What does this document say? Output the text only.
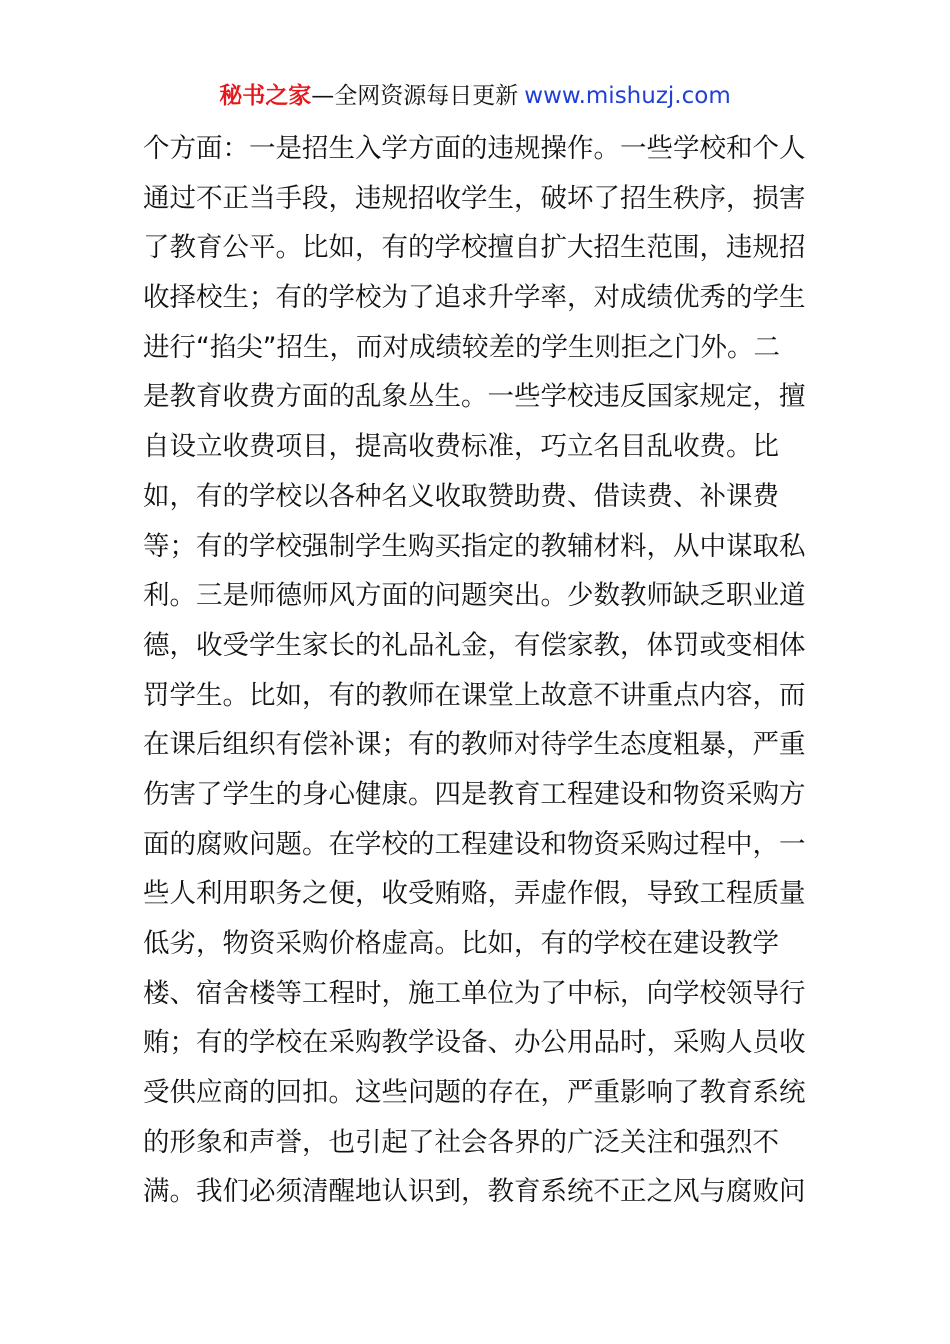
秘书之家—全网资源每日更新 www.mishuzj.com
个方面：一是招生入学方面的违规操作。一些学校和个人
通过不正当手段，违规招收学生，破坏了招生秩序，损害
了教育公平。比如，有的学校擅自扩大招生范围，违规招
收择校生；有的学校为了追求升学率，对成绩优秀的学生
进行“掐尖”招生，而对成绩较差的学生则拒之门外。二
是教育收费方面的乱象丛生。一些学校违反国家规定，擅
自设立收费项目，提高收费标准，巧立名目乱收费。比
如，有的学校以各种名义收取赞助费、借读费、补课费
等；有的学校强制学生购买指定的教辅材料，从中谋取私
利。三是师德师风方面的问题突出。少数教师缺乏职业道
德，收受学生家长的礼品礼金，有偿家教，体罚或变相体
罚学生。比如，有的教师在课堂上故意不讲重点内容，而
在课后组织有偿补课；有的教师对待学生态度粗暴，严重
伤害了学生的身心健康。四是教育工程建设和物资采购方
面的腐败问题。在学校的工程建设和物资采购过程中，一
些人利用职务之便，收受贿赂，弄虚作假，导致工程质量
低劣，物资采购价格虚高。比如，有的学校在建设教学
楼、宿舍楼等工程时，施工单位为了中标，向学校领导行
贿；有的学校在采购教学设备、办公用品时，采购人员收
受供应商的回扣。这些问题的存在，严重影响了教育系统
的形象和声誉，也引起了社会各界的广泛关注和强烈不
满。我们必须清醒地认识到，教育系统不正之风与腐败问
